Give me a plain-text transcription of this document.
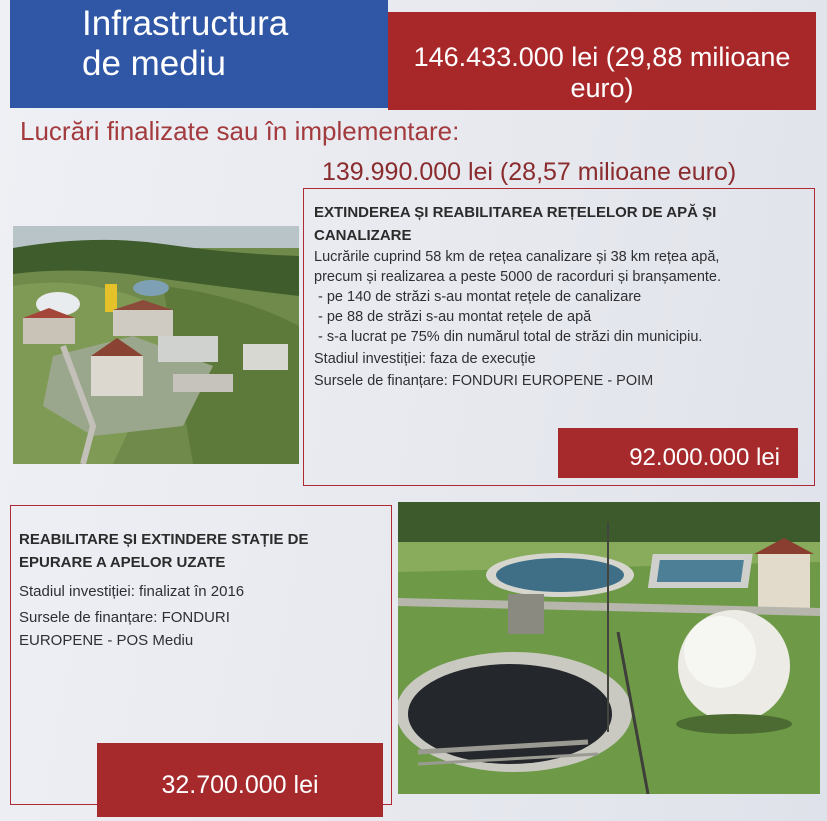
Infrastructura
de mediu	146.433.000 lei (29,88 milioane euro)
Lucrări finalizate sau în implementare:
139.990.000 lei (28,57 milioane euro)
EXTINDEREA ȘI REABILITAREA REȚELELOR DE APĂ ȘI
CANALIZARE
Lucrările cuprind 58 km de rețea canalizare și 38 km rețea apă,
precum și realizarea a peste 5000 de racorduri și branșamente.
- pe 140 de străzi s-au montat rețele de canalizare
- pe 88 de străzi s-au montat rețele de apă
- s-a lucrat pe 75% din numărul total de străzi din municipiu.
Stadiul investiției: faza de execuție
Sursele de finanțare: FONDURI EUROPENE - POIM
92.000.000 lei
REABILITARE ȘI EXTINDERE STAȚIE DE
EPURARE A APELOR UZATE
Stadiul investiției: finalizat în 2016
Sursele de finanțare: FONDURI
EUROPENE - POS Mediu
32.700.000 lei
